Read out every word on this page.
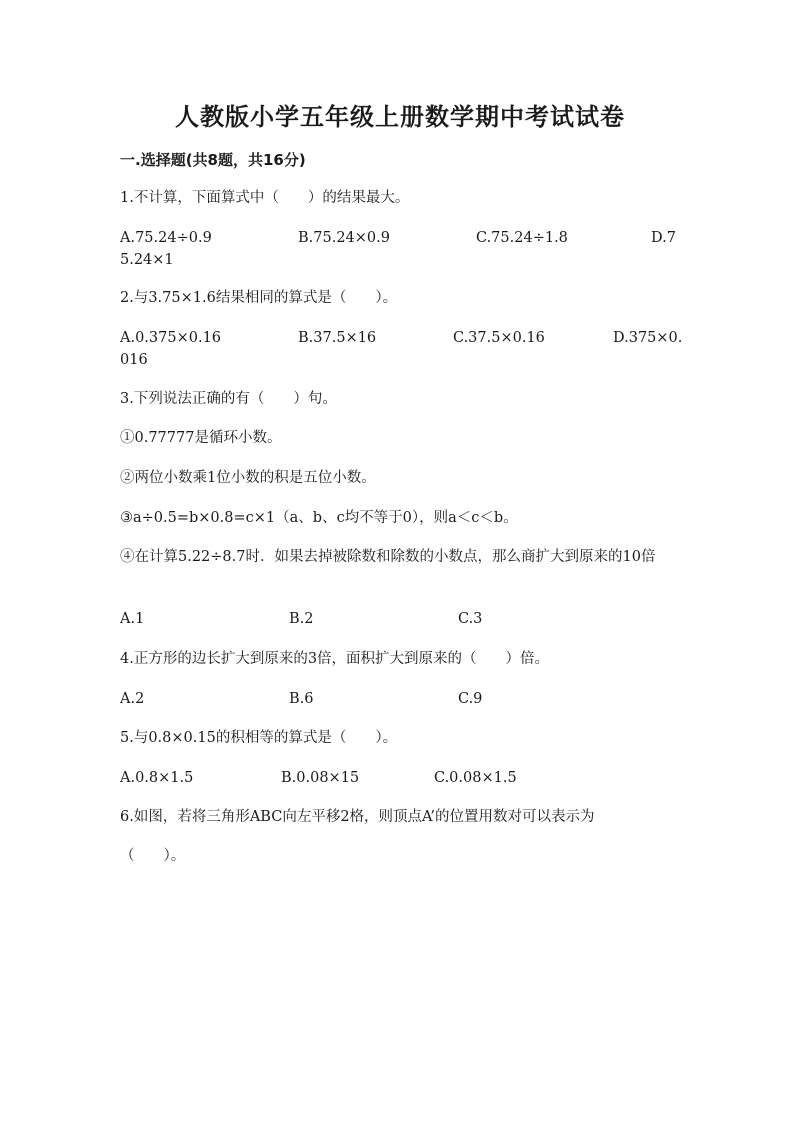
人教版小学五年级上册数学期中考试试卷
一.选择题(共8题，共16分)
1.不计算，下面算式中（　　）的结果最大。
A.75.24÷0.9	B.75.24×0.9	C.75.24÷1.8	D.7
5.24×1
2.与3.75×1.6结果相同的算式是（　　）。
A.0.375×0.16	B.37.5×16	C.37.5×0.16	D.375×0.
016
3.下列说法正确的有（　　）句。
①0.77777是循环小数。
②两位小数乘1位小数的积是五位小数。
③a÷0.5=b×0.8=c×1（a、b、c均不等于0），则a＜c＜b。
④在计算5.22÷8.7时．如果去掉被除数和除数的小数点，那么商扩大到原来的10倍
A.1	B.2	C.3
4.正方形的边长扩大到原来的3倍，面积扩大到原来的（　　）倍。
A.2	B.6	C.9
5.与0.8×0.15的积相等的算式是（　　）。
A.0.8×1.5	B.0.08×15	C.0.08×1.5
6.如图，若将三角形ABC向左平移2格，则顶点A’的位置用数对可以表示为
（　　）。
